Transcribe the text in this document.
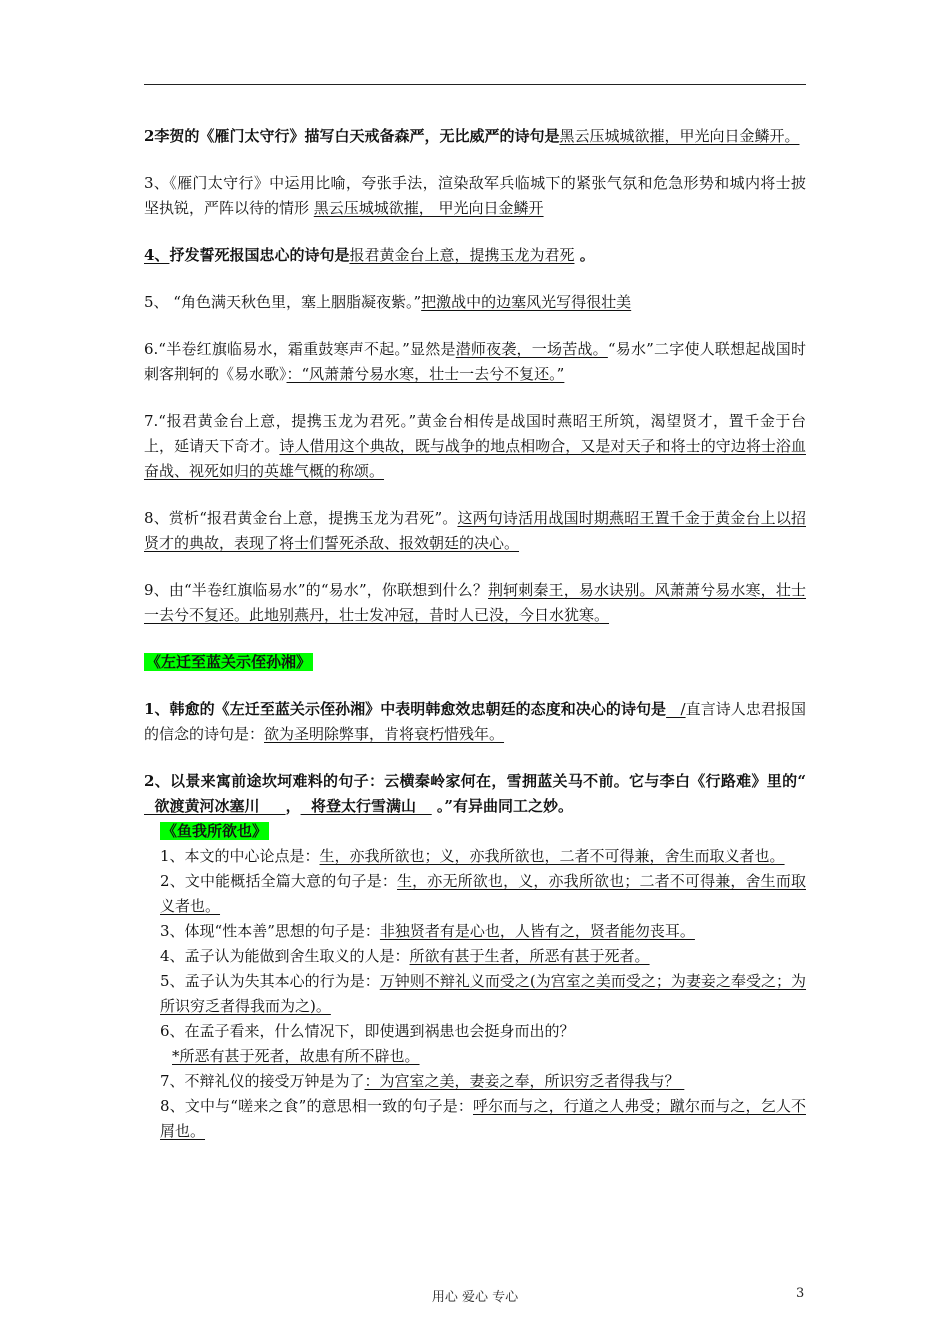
2李贺的《雁门太守行》描写白天戒备森严，无比威严的诗句是黑云压城城欲摧，甲光向日金鳞开。

3、《雁门太守行》中运用比喻，夸张手法，渲染敌军兵临城下的紧张气氛和危急形势和城内将士披坚执锐，严阵以待的情形 黑云压城城欲摧， 甲光向日金鳞开

4、抒发誓死报国忠心的诗句是报君黄金台上意，提携玉龙为君死 。

5、 “角色满天秋色里，塞上胭脂凝夜紫。”把激战中的边塞风光写得很壮美

6.“半卷红旗临易水，霜重鼓寒声不起。”显然是潜师夜袭，一场苦战。“易水”二字使人联想起战国时刺客荆轲的《易水歌》：“风萧萧兮易水寒，壮士一去兮不复还。”

7.“报君黄金台上意，提携玉龙为君死。”黄金台相传是战国时燕昭王所筑，渴望贤才，置千金于台上，延请天下奇才。诗人借用这个典故，既与战争的地点相吻合，又是对天子和将士的守边将士浴血奋战、视死如归的英雄气概的称颂。

8、赏析“报君黄金台上意，提携玉龙为君死”。这两句诗活用战国时期燕昭王置千金于黄金台上以招贤才的典故，表现了将士们誓死杀敌、报效朝廷的决心。

9、由“半卷红旗临易水”的“易水”，你联想到什么？荆轲刺秦王，易水诀别。风萧萧兮易水寒，壮士一去兮不复还。此地别燕丹，壮士发冲冠，昔时人已没，今日水犹寒。

《左迁至蓝关示侄孙湘》

1、韩愈的《左迁至蓝关示侄孙湘》中表明韩愈效忠朝廷的态度和决心的诗句是   /直言诗人忠君报国的信念的诗句是：欲为圣明除弊事，肯将衰朽惜残年。

2、以景来寓前途坎坷难料的句子：云横秦岭家何在，雪拥蓝关马不前。它与李白《行路难》里的“  欲渡黄河冰塞川     ，  将登太行雪满山    。”有异曲同工之妙。

《鱼我所欲也》

1、本文的中心论点是：生，亦我所欲也；义，亦我所欲也，二者不可得兼，舍生而取义者也。

2、文中能概括全篇大意的句子是：生，亦无所欲也，义，亦我所欲也；二者不可得兼，舍生而取义者也。

3、体现“性本善”思想的句子是：非独贤者有是心也，人皆有之，贤者能勿丧耳。

4、孟子认为能做到舍生取义的人是：所欲有甚于生者，所恶有甚于死者。

5、孟子认为失其本心的行为是：万钟则不辩礼义而受之(为宫室之美而受之；为妻妾之奉受之；为所识穷乏者得我而为之)。

6、在孟子看来，什么情况下，即使遇到祸患也会挺身而出的？

*所恶有甚于死者，故患有所不辟也。

7、不辩礼仪的接受万钟是为了：为宫室之美，妻妾之奉，所识穷乏者得我与？

8、文中与“嗟来之食”的意思相一致的句子是：呼尔而与之，行道之人弗受；蹴尔而与之，乞人不屑也。

用心 爱心 专心	3
